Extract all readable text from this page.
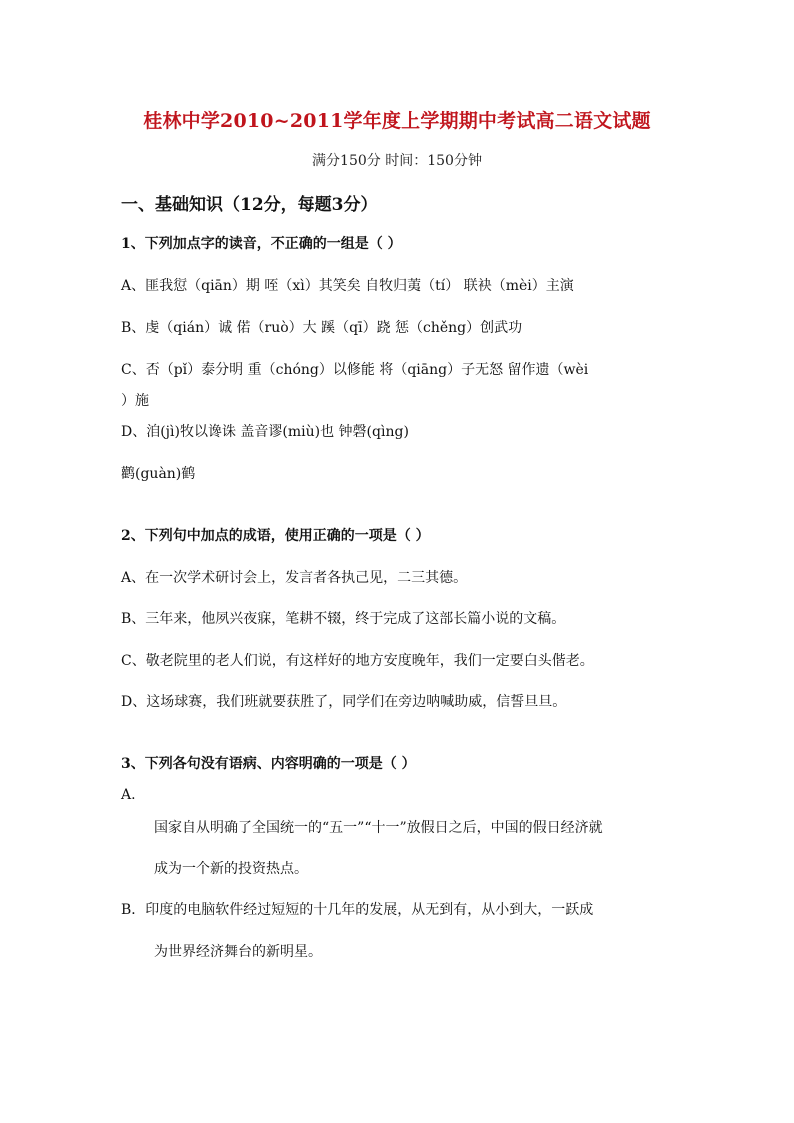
桂林中学2010~2011学年度上学期期中考试高二语文试题
满分150分 时间：150分钟
一、基础知识（12分，每题3分）
1、下列加点字的读音，不正确的一组是（ ）
A、匪我愆（qiān）期 咥（xì）其笑矣 自牧归荑（tí） 联袂（mèi）主演
B、虔（qián）诚 偌（ruò）大 蹊（qī）跷 惩（chěng）创武功
C、否（pǐ）泰分明 重（chóng）以修能 将（qiāng）子无怒 留作遗（wèi
）施
D、洎(jì)牧以谗诛 盖音谬(miù)也 钟磬(qìng)
鹳(guàn)鹤
2、下列句中加点的成语，使用正确的一项是（ ）
A、在一次学术研讨会上，发言者各执己见，二三其德。
B、三年来，他夙兴夜寐，笔耕不辍，终于完成了这部长篇小说的文稿。
C、敬老院里的老人们说，有这样好的地方安度晚年，我们一定要白头偕老。
D、这场球赛，我们班就要获胜了，同学们在旁边呐喊助威，信誓旦旦。
3、下列各句没有语病、内容明确的一项是（ ）
A.
国家自从明确了全国统一的“五一”“十一”放假日之后，中国的假日经济就
成为一个新的投资热点。
B．印度的电脑软件经过短短的十几年的发展，从无到有，从小到大，一跃成
为世界经济舞台的新明星。
